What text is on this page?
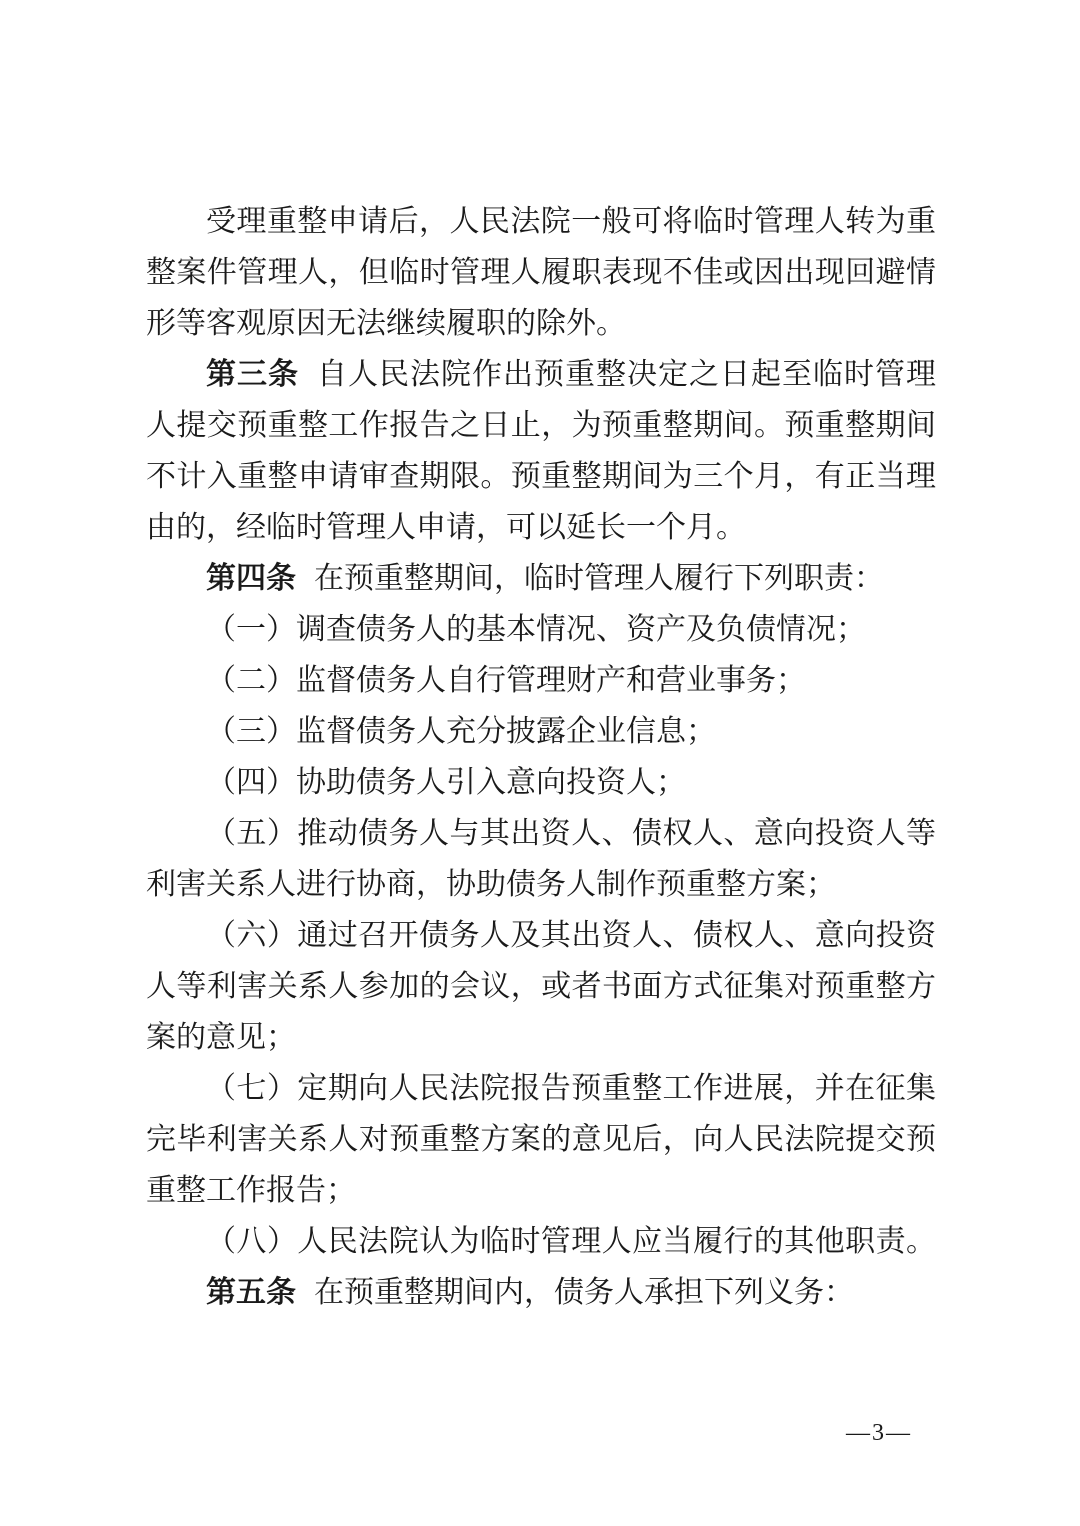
受理重整申请后，人民法院一般可将临时管理人转为重
整案件管理人，但临时管理人履职表现不佳或因出现回避情
形等客观原因无法继续履职的除外。
第三条 自人民法院作出预重整决定之日起至临时管理
人提交预重整工作报告之日止，为预重整期间。预重整期间
不计入重整申请审查期限。预重整期间为三个月，有正当理
由的，经临时管理人申请，可以延长一个月。
第四条 在预重整期间，临时管理人履行下列职责：
（一）调查债务人的基本情况、资产及负债情况；
（二）监督债务人自行管理财产和营业事务；
（三）监督债务人充分披露企业信息；
（四）协助债务人引入意向投资人；
（五）推动债务人与其出资人、债权人、意向投资人等
利害关系人进行协商，协助债务人制作预重整方案；
（六）通过召开债务人及其出资人、债权人、意向投资
人等利害关系人参加的会议，或者书面方式征集对预重整方
案的意见；
（七）定期向人民法院报告预重整工作进展，并在征集
完毕利害关系人对预重整方案的意见后，向人民法院提交预
重整工作报告；
（八）人民法院认为临时管理人应当履行的其他职责。
第五条 在预重整期间内，债务人承担下列义务：
—3—
